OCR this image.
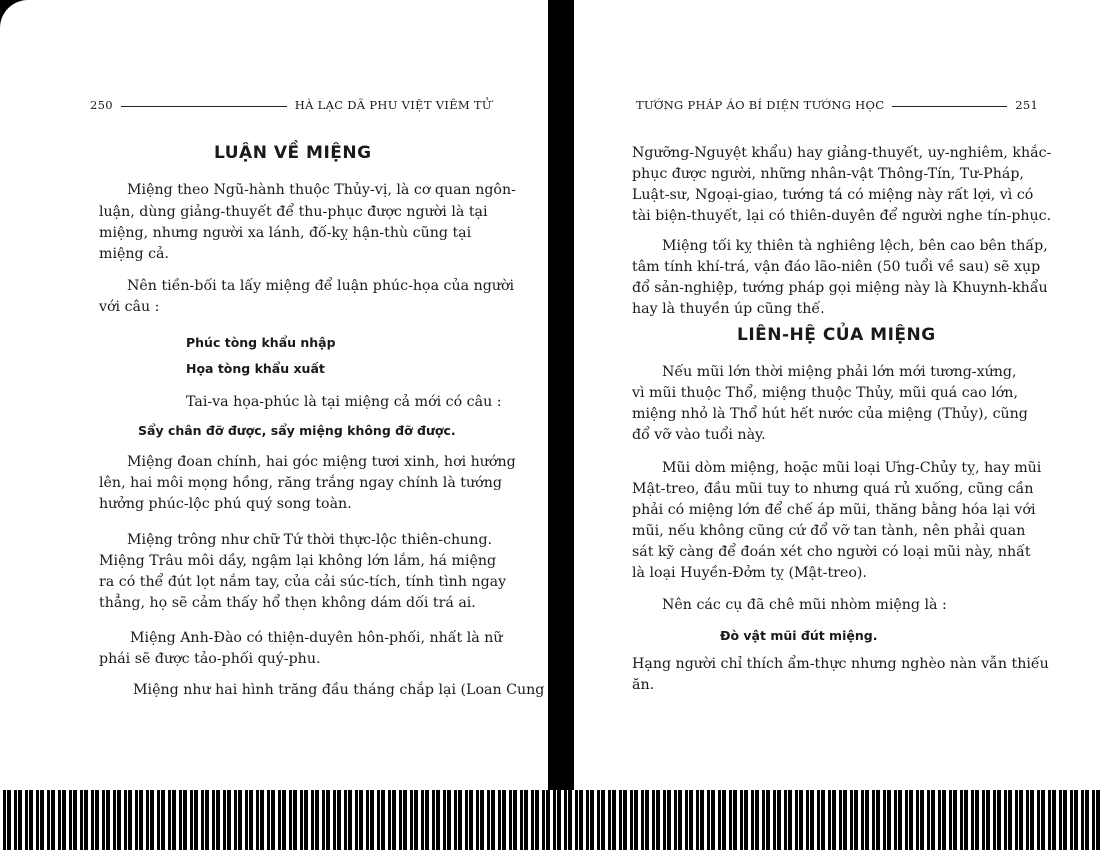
250	HÀ LẠC DÃ PHU VIỆT VIÊM TỬ
LUẬN VỀ MIỆNG
Miệng theo Ngũ-hành thuộc Thủy-vị, là cơ quan ngôn-
luận, dùng giảng-thuyết để thu-phục được người là tại
miệng, nhưng người xa lánh, đố-kỵ hận-thù cũng tại
miệng cả.
Nên tiền-bối ta lấy miệng để luận phúc-họa của người
với câu :
Phúc tòng khẩu nhập
Họa tòng khẩu xuất
Tai-va họa-phúc là tại miệng cả mới có câu :
Sẩy chân đỡ được, sẩy miệng không đỡ được.
Miệng đoan chính, hai góc miệng tươi xinh, hơi hướng
lên, hai môi mọng hồng, răng trắng ngay chính là tướng
hưởng phúc-lộc phú quý song toàn.
Miệng trông như chữ Tứ thời thực-lộc thiên-chung.
Miệng Trâu môi dầy, ngậm lại không lớn lắm, há miệng
ra có thể đút lọt nắm tay, của cải súc-tích, tính tình ngay
thẳng, họ sẽ cảm thấy hổ thẹn không dám dối trá ai.
Miệng Anh-Đào có thiện-duyên hôn-phối, nhất là nữ
phái sẽ được tảo-phối quý-phu.
Miệng như hai hình trăng đầu tháng chắp lại (Loan Cung
TƯỚNG PHÁP ÁO BÍ DIỆN TƯỚNG HỌC	251
Ngưỡng-Nguyệt khẩu) hay giảng-thuyết, uy-nghiêm, khắc-
phục được người, những nhân-vật Thông-Tín, Tư-Pháp,
Luật-sư, Ngoại-giao, tướng tá có miệng này rất lợi, vì có
tài biện-thuyết, lại có thiên-duyên để người nghe tín-phục.
Miệng tối kỵ thiên tà nghiêng lệch, bên cao bên thấp,
tâm tính khí-trá, vận đáo lão-niên (50 tuổi về sau) sẽ xụp
đổ sản-nghiệp, tướng pháp gọi miệng này là Khuynh-khẩu
hay là thuyền úp cũng thế.
LIÊN-HỆ CỦA MIỆNG
Nếu mũi lớn thời miệng phải lớn mới tương-xứng,
vì mũi thuộc Thổ, miệng thuộc Thủy, mũi quá cao lớn,
miệng nhỏ là Thổ hút hết nước của miệng (Thủy), cũng
đổ vỡ vào tuổi này.
Mũi dòm miệng, hoặc mũi loại Ưng-Chủy tỵ, hay mũi
Mật-treo, đầu mũi tuy to nhưng quá rủ xuống, cũng cần
phải có miệng lớn để chế áp mũi, thăng bằng hóa lại với
mũi, nếu không cũng cứ đổ vỡ tan tành, nên phải quan
sát kỹ càng để đoán xét cho người có loại mũi này, nhất
là loại Huyền-Đởm tỵ (Mật-treo).
Nên các cụ đã chê mũi nhòm miệng là :
Đò vật mũi đút miệng.
Hạng người chỉ thích ẩm-thực nhưng nghèo nàn vẫn thiếu
ăn.
